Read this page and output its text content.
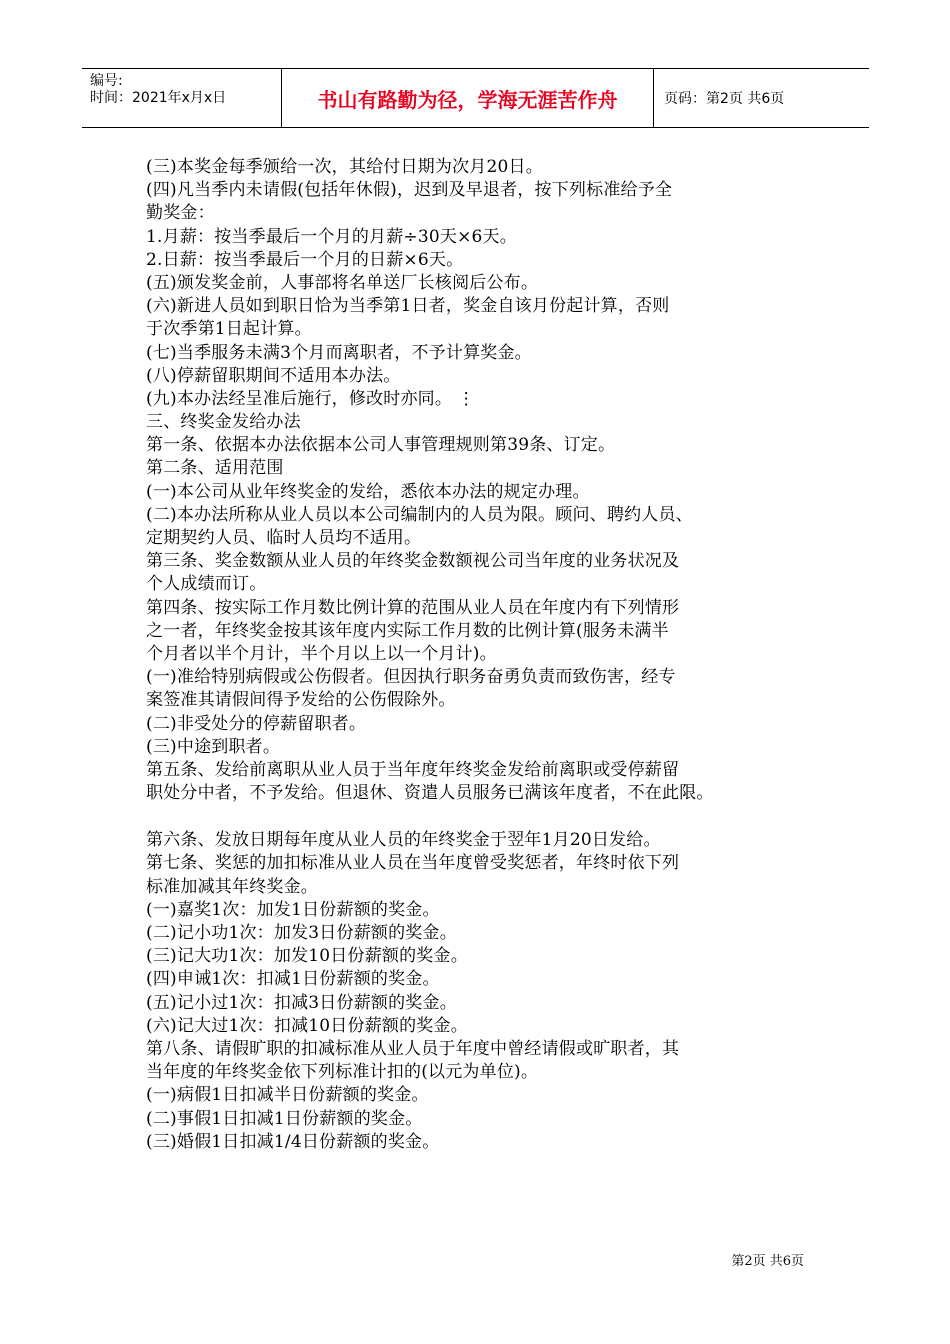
编号:
时间：2021年x月x日	书山有路勤为径，学海无涯苦作舟	页码：第2页 共6页
(三)本奖金每季颁给一次，其给付日期为次月20日。
(四)凡当季内未请假(包括年休假)，迟到及早退者，按下列标准给予全
勤奖金：
1.月薪：按当季最后一个月的月薪÷30天×6天。
2.日薪：按当季最后一个月的日薪×6天。
(五)颁发奖金前，人事部将名单送厂长核阅后公布。
(六)新进人员如到职日恰为当季第1日者，奖金自该月份起计算，否则
于次季第1日起计算。
(七)当季服务未满3个月而离职者，不予计算奖金。
(八)停薪留职期间不适用本办法。
(九)本办法经呈准后施行，修改时亦同。 ⋮
三、终奖金发给办法
第一条、依据本办法依据本公司人事管理规则第39条、订定。
第二条、适用范围
(一)本公司从业年终奖金的发给，悉依本办法的规定办理。
(二)本办法所称从业人员以本公司编制内的人员为限。顾问、聘约人员、
定期契约人员、临时人员均不适用。
第三条、奖金数额从业人员的年终奖金数额视公司当年度的业务状况及
个人成绩而订。
第四条、按实际工作月数比例计算的范围从业人员在年度内有下列情形
之一者，年终奖金按其该年度内实际工作月数的比例计算(服务未满半
个月者以半个月计，半个月以上以一个月计)。
(一)准给特别病假或公伤假者。但因执行职务奋勇负责而致伤害，经专
案签准其请假间得予发给的公伤假除外。
(二)非受处分的停薪留职者。
(三)中途到职者。
第五条、发给前离职从业人员于当年度年终奖金发给前离职或受停薪留
职处分中者，不予发给。但退休、资遣人员服务已满该年度者，不在此限。
第六条、发放日期每年度从业人员的年终奖金于翌年1月20日发给。
第七条、奖惩的加扣标准从业人员在当年度曾受奖惩者，年终时依下列
标准加减其年终奖金。
(一)嘉奖1次：加发1日份薪额的奖金。
(二)记小功1次：加发3日份薪额的奖金。
(三)记大功1次：加发10日份薪额的奖金。
(四)申诫1次：扣减1日份薪额的奖金。
(五)记小过1次：扣减3日份薪额的奖金。
(六)记大过1次：扣减10日份薪额的奖金。
第八条、请假旷职的扣减标准从业人员于年度中曾经请假或旷职者，其
当年度的年终奖金依下列标准计扣的(以元为单位)。
(一)病假1日扣减半日份薪额的奖金。
(二)事假1日扣减1日份薪额的奖金。
(三)婚假1日扣减1/4日份薪额的奖金。
第2页 共6页
